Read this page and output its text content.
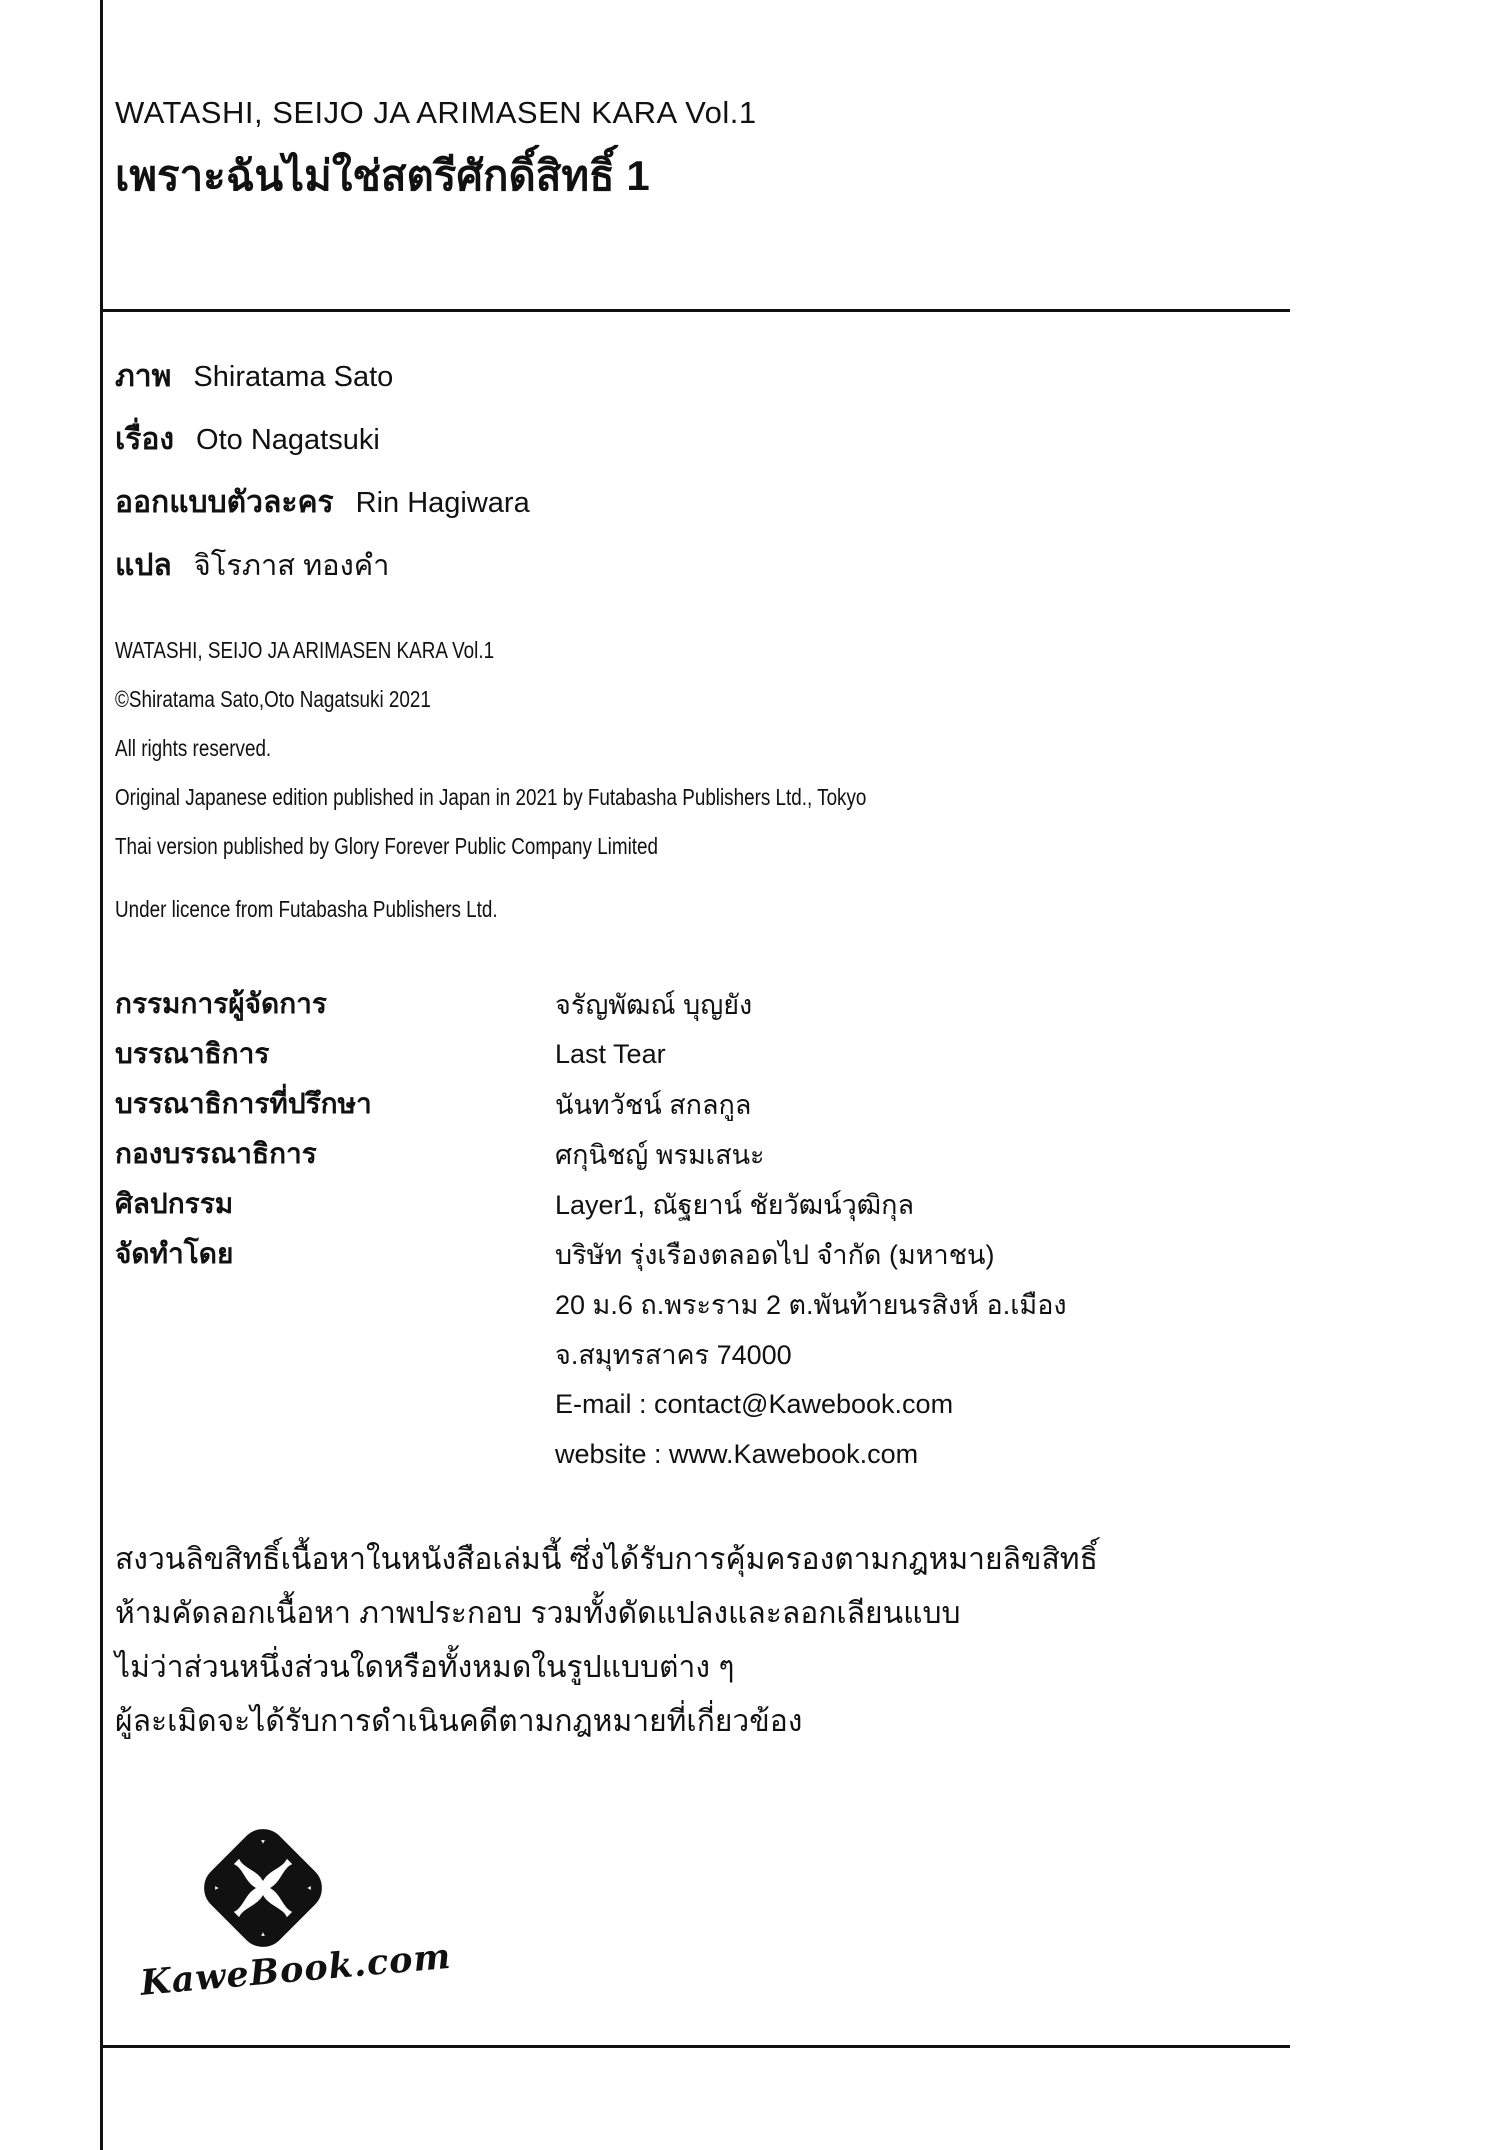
WATASHI, SEIJO JA ARIMASEN KARA Vol.1
เพราะฉันไม่ใช่สตรีศักดิ์สิทธิ์ 1
ภาพ Shiratama Sato
เรื่อง Oto Nagatsuki
ออกแบบตัวละคร Rin Hagiwara
แปล จิโรภาส ทองคำ
WATASHI, SEIJO JA ARIMASEN KARA Vol.1
©Shiratama Sato,Oto Nagatsuki 2021
All rights reserved.
Original Japanese edition published in Japan in 2021 by Futabasha Publishers Ltd., Tokyo
Thai version published by Glory Forever Public Company Limited
Under licence from Futabasha Publishers Ltd.
กรรมการผู้จัดการ	จรัญพัฒณ์ บุญยัง
บรรณาธิการ	Last Tear
บรรณาธิการที่ปรึกษา	นันทวัชน์ สกลกูล
กองบรรณาธิการ	ศกุนิชญ์ พรมเสนะ
ศิลปกรรม	Layer1, ณัฐยาน์ ชัยวัฒน์วุฒิกุล
จัดทำโดย	บริษัท รุ่งเรืองตลอดไป จำกัด (มหาชน)
20 ม.6 ถ.พระราม 2 ต.พันท้ายนรสิงห์ อ.เมือง
จ.สมุทรสาคร 74000
E-mail : contact@Kawebook.com
website : www.Kawebook.com
สงวนลิขสิทธิ์เนื้อหาในหนังสือเล่มนี้ ซึ่งได้รับการคุ้มครองตามกฎหมายลิขสิทธิ์
ห้ามคัดลอกเนื้อหา ภาพประกอบ รวมทั้งดัดแปลงและลอกเลียนแบบ
ไม่ว่าส่วนหนึ่งส่วนใดหรือทั้งหมดในรูปแบบต่าง ๆ
ผู้ละเมิดจะได้รับการดำเนินคดีตามกฎหมายที่เกี่ยวข้อง
KaweBook.com
